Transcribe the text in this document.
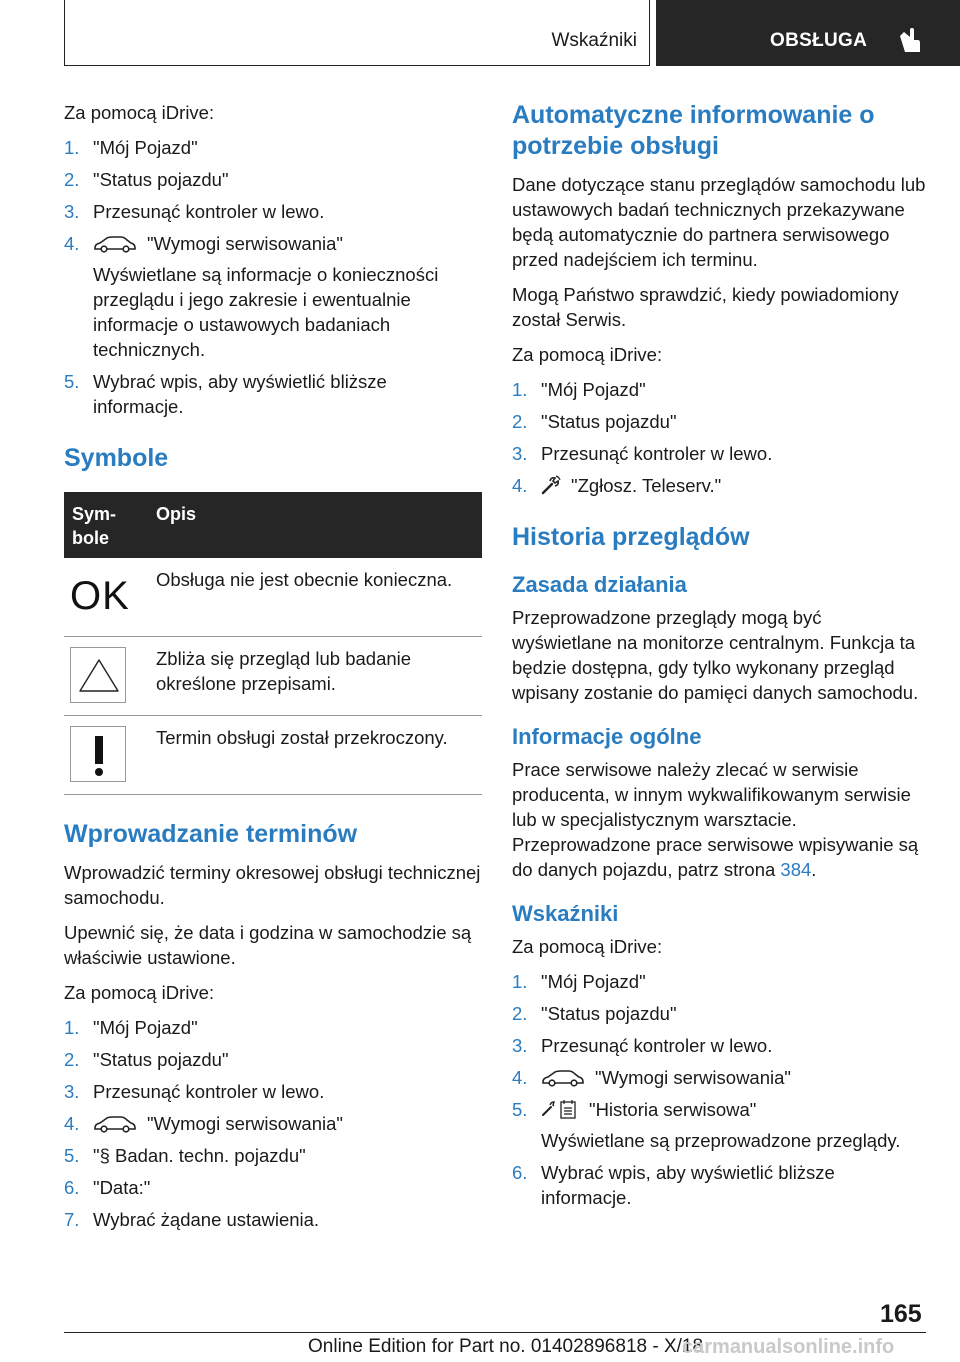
Wskaźniki	OBSŁUGA

Za pomocą iDrive:

1. "Mój Pojazd"
2. "Status pojazdu"
3. Przesunąć kontroler w lewo.
4.	"Wymogi serwisowania"
Wyświetlane są informacje o konieczności przeglądu i jego zakresie i ewentualnie informacje o ustawowych badaniach technicznych.
5. Wybrać wpis, aby wyświetlić bliższe informacje.
Symbole
Sym-bole	Opis

OK	Obsługa nie jest obecnie konieczna.

	Zbliża się przegląd lub badanie określone przepisami.

	Termin obsługi został przekroczony.
Wprowadzanie terminów

Wprowadzić terminy okresowej obsługi technicznej samochodu.

Upewnić się, że data i godzina w samochodzie są właściwie ustawione.

Za pomocą iDrive:

1. "Mój Pojazd"
2. "Status pojazdu"
3. Przesunąć kontroler w lewo.
4.	"Wymogi serwisowania"
5. "§ Badan. techn. pojazdu"
6. "Data:"
7. Wybrać żądane ustawienia.
Automatyczne informowanie o potrzebie obsługi

Dane dotyczące stanu przeglądów samochodu lub ustawowych badań technicznych przekazywane będą automatycznie do partnera serwisowego przed nadejściem ich terminu.

Mogą Państwo sprawdzić, kiedy powiadomiony został Serwis.

Za pomocą iDrive:

1. "Mój Pojazd"
2. "Status pojazdu"
3. Przesunąć kontroler w lewo.
4. "Zgłosz. Teleserv."
Historia przeglądów
Zasada działania

Przeprowadzone przeglądy mogą być wyświetlane na monitorze centralnym. Funkcja ta będzie dostępna, gdy tylko wykonany przegląd wpisany zostanie do pamięci danych samochodu.

Informacje ogólne

Prace serwisowe należy zlecać w serwisie producenta, w innym wykwalifikowanym serwisie lub w specjalistycznym warsztacie. Przeprowadzone prace serwisowe wpisywanie są do danych pojazdu, patrz strona 384.

Wskaźniki

Za pomocą iDrive:

1. "Mój Pojazd"
2. "Status pojazdu"
3. Przesunąć kontroler w lewo.
4.	"Wymogi serwisowania"
5.	"Historia serwisowa"
Wyświetlane są przeprowadzone przeglądy.
6. Wybrać wpis, aby wyświetlić bliższe informacje.
165
Online Edition for Part no. 01402896818 - X/18
carmanualsonline.info
